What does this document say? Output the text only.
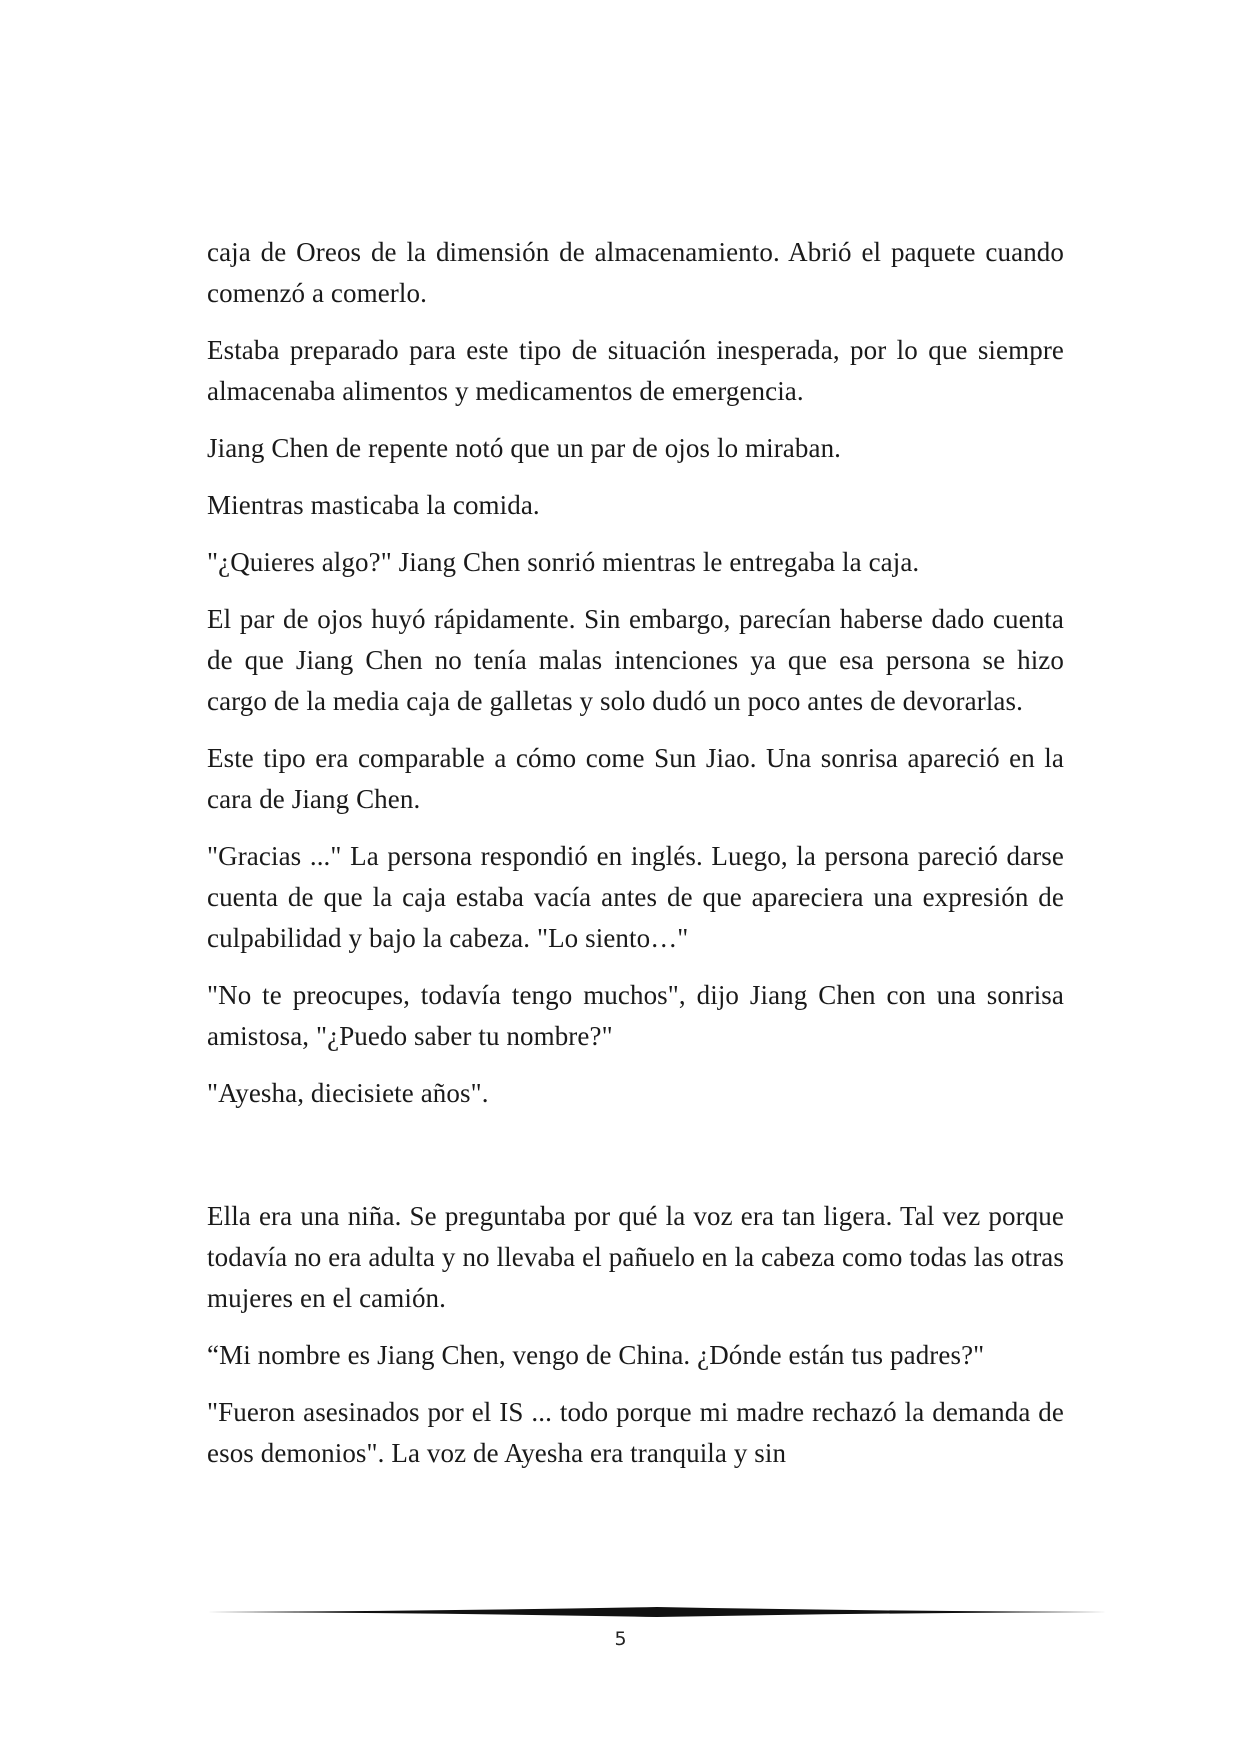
caja de Oreos de la dimensión de almacenamiento. Abrió el paquete cuando comenzó a comerlo.

Estaba preparado para este tipo de situación inesperada, por lo que siempre almacenaba alimentos y medicamentos de emergencia.

Jiang Chen de repente notó que un par de ojos lo miraban.

Mientras masticaba la comida.

"¿Quieres algo?" Jiang Chen sonrió mientras le entregaba la caja.

El par de ojos huyó rápidamente. Sin embargo, parecían haberse dado cuenta de que Jiang Chen no tenía malas intenciones ya que esa persona se hizo cargo de la media caja de galletas y solo dudó un poco antes de devorarlas.

Este tipo era comparable a cómo come Sun Jiao. Una sonrisa apareció en la cara de Jiang Chen.

"Gracias ..." La persona respondió en inglés. Luego, la persona pareció darse cuenta de que la caja estaba vacía antes de que apareciera una expresión de culpabilidad y bajo la cabeza. "Lo siento…"

"No te preocupes, todavía tengo muchos", dijo Jiang Chen con una sonrisa amistosa, "¿Puedo saber tu nombre?"

"Ayesha, diecisiete años".

Ella era una niña. Se preguntaba por qué la voz era tan ligera. Tal vez porque todavía no era adulta y no llevaba el pañuelo en la cabeza como todas las otras mujeres en el camión.

“Mi nombre es Jiang Chen, vengo de China. ¿Dónde están tus padres?"

"Fueron asesinados por el IS ... todo porque mi madre rechazó la demanda de esos demonios". La voz de Ayesha era tranquila y sin

5
